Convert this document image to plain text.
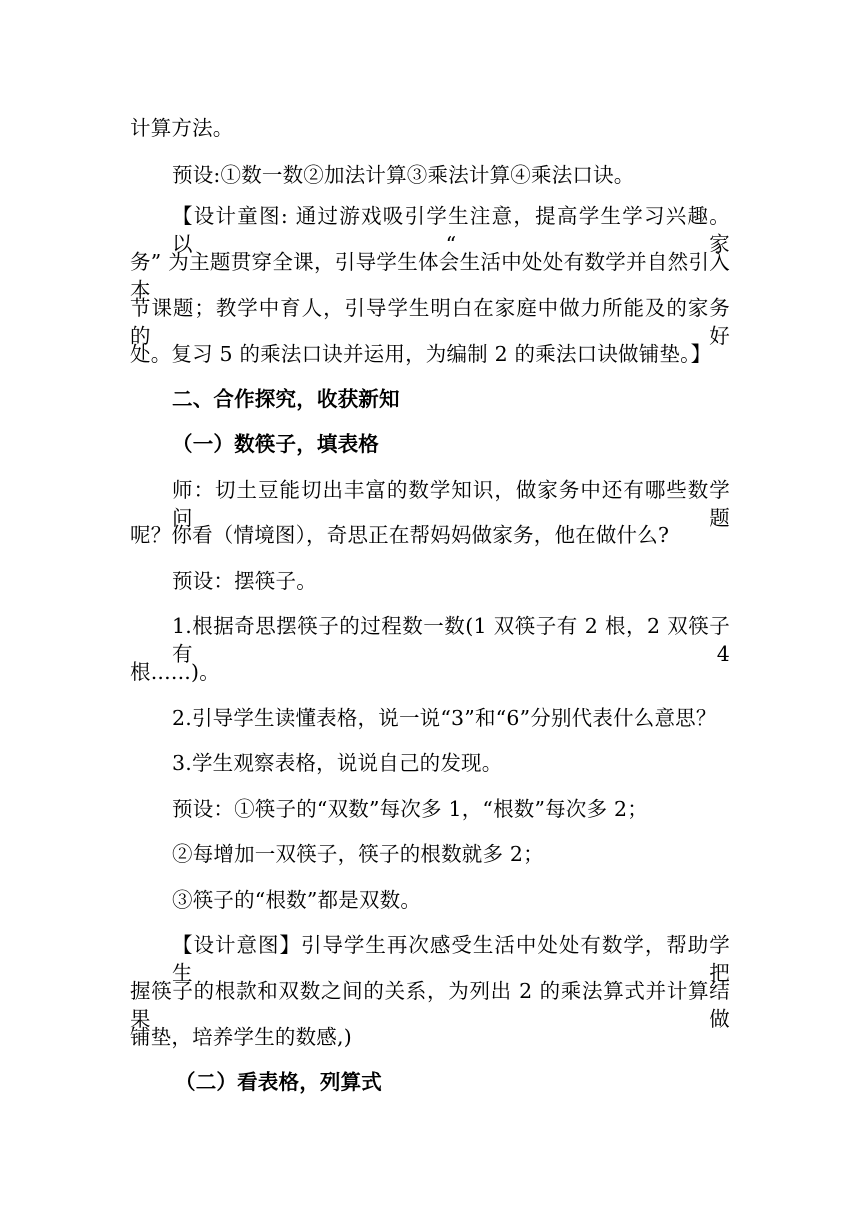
计算方法。
预设:①数一数②加法计算③乘法计算④乘法口诀。
【设计童图: 通过游戏吸引学生注意，提高学生学习兴趣。以“家
务” 为主题贯穿全课，引导学生体会生活中处处有数学并自然引入本
节课题；教学中育人，引导学生明白在家庭中做力所能及的家务的好
处。复习 5 的乘法口诀并运用，为编制 2 的乘法口诀做铺垫。】
二、合作探究，收获新知
（一）数筷子，填表格
师：切土豆能切出丰富的数学知识，做家务中还有哪些数学问题
呢？你看（情境图），奇思正在帮妈妈做家务，他在做什么?
预设：摆筷子。
1.根据奇思摆筷子的过程数一数(1 双筷子有 2 根，2 双筷子有 4
根......)。
2.引导学生读懂表格，说一说“3”和“6”分别代表什么意思？
3.学生观察表格，说说自己的发现。
预设：①筷子的“双数”每次多 1，“根数”每次多 2；
②每增加一双筷子，筷子的根数就多 2；
③筷子的“根数”都是双数。
【设计意图】引导学生再次感受生活中处处有数学，帮助学生把
握筷子的根款和双数之间的关系，为列出 2 的乘法算式并计算结果做
铺垫，培养学生的数感,)
（二）看表格，列算式
